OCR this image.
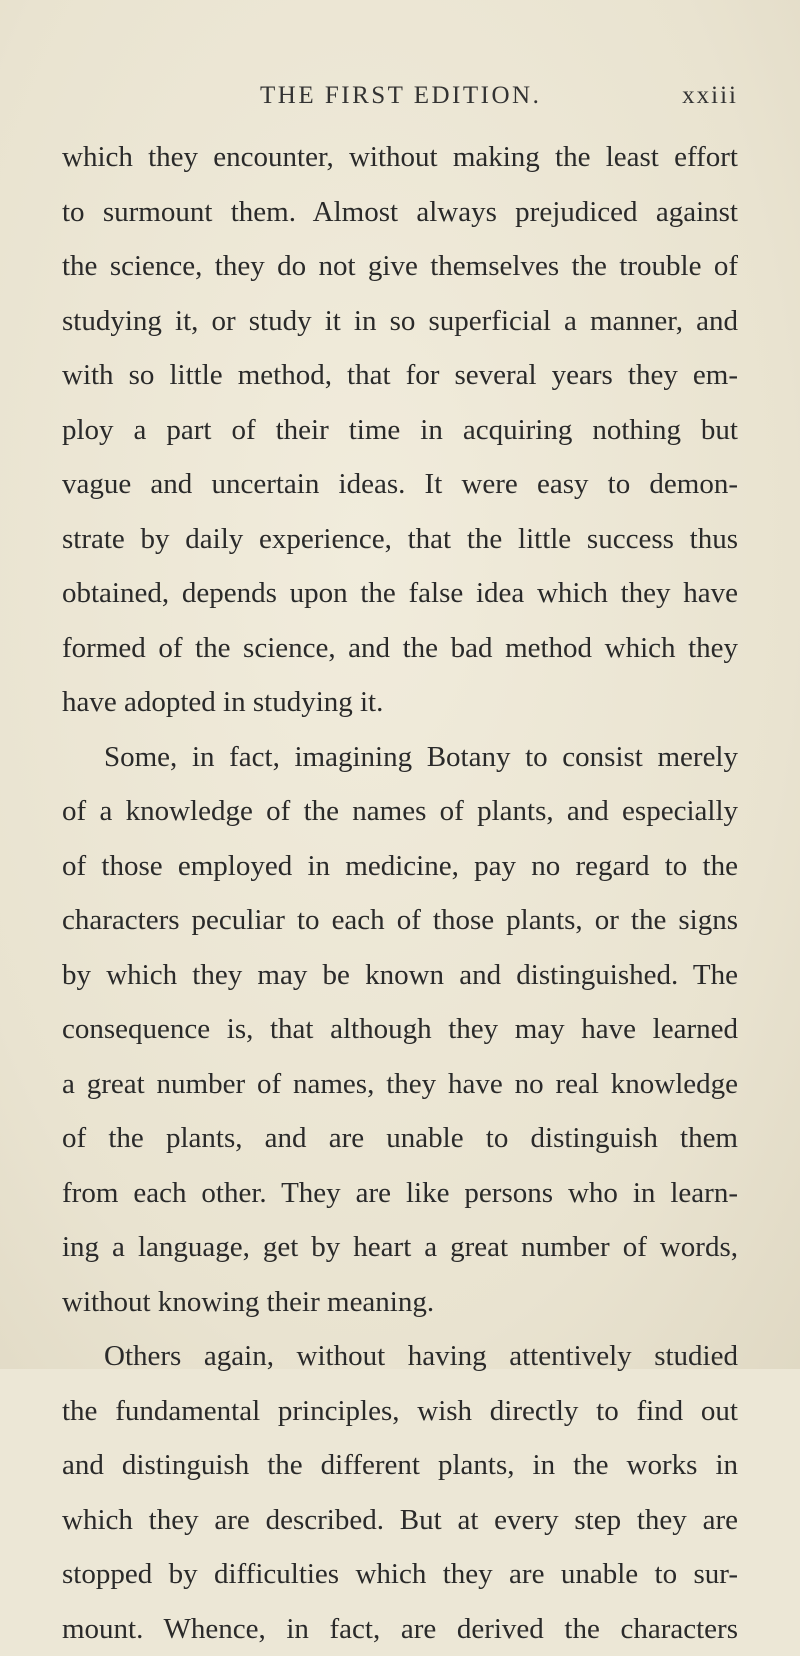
THE FIRST EDITION.	xxiii
which they encounter, without making the least effort
to surmount them. Almost always prejudiced against
the science, they do not give themselves the trouble of
studying it, or study it in so superficial a manner, and
with so little method, that for several years they em-
ploy a part of their time in acquiring nothing but
vague and uncertain ideas. It were easy to demon-
strate by daily experience, that the little success thus
obtained, depends upon the false idea which they have
formed of the science, and the bad method which they
have adopted in studying it.
Some, in fact, imagining Botany to consist merely
of a knowledge of the names of plants, and especially
of those employed in medicine, pay no regard to the
characters peculiar to each of those plants, or the signs
by which they may be known and distinguished. The
consequence is, that although they may have learned
a great number of names, they have no real knowledge
of the plants, and are unable to distinguish them
from each other. They are like persons who in learn-
ing a language, get by heart a great number of words,
without knowing their meaning.
Others again, without having attentively studied
the fundamental principles, wish directly to find out
and distinguish the different plants, in the works in
which they are described. But at every step they are
stopped by difficulties which they are unable to sur-
mount. Whence, in fact, are derived the characters
